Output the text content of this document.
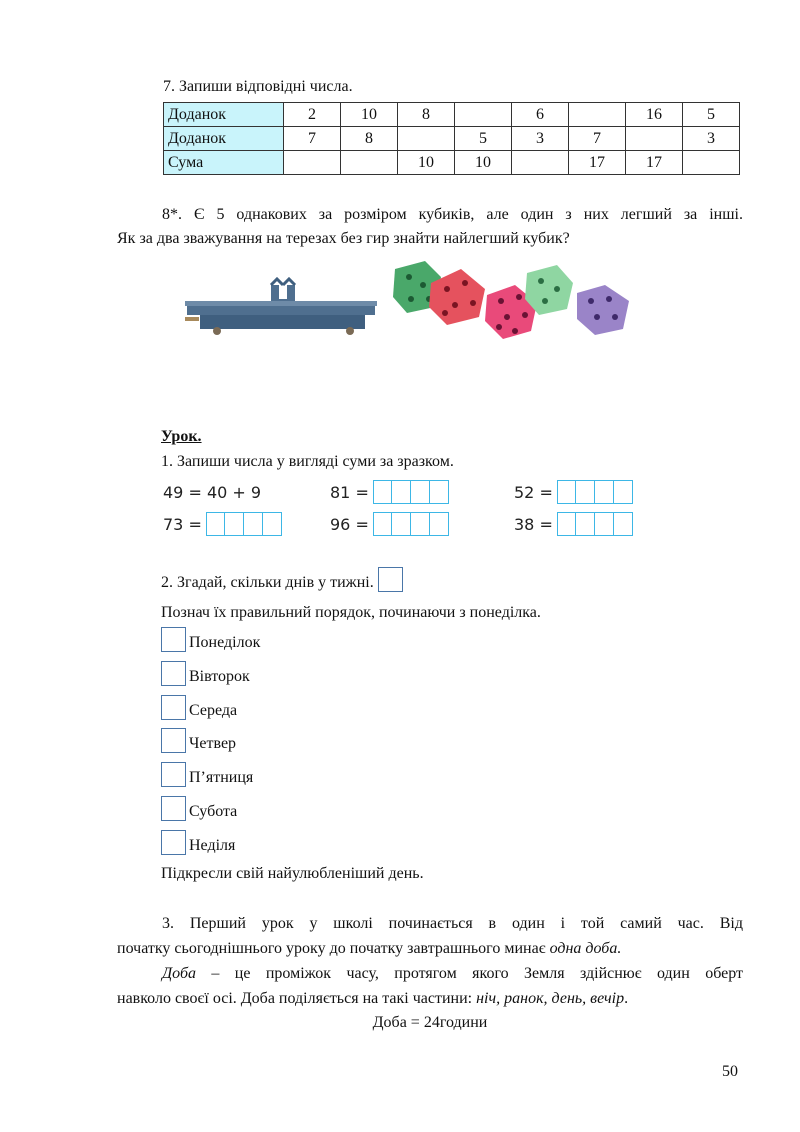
7. Запиши відповідні числа.
Доданок	2	10	8		6		16	5
Доданок	7	8		5	3	7		3
Сума			10	10		17	17	
8*. Є 5 однакових за розміром кубиків, але один з них легший за інші.
Як за два зважування на терезах без гир знайти найлегший кубик?
Урок.
1. Запиши числа у вигляді суми за зразком.
49 = 40 + 9	81 =	52 =
73 =	96 =	38 =
2. Згадай, скільки днів у тижні.
Познач їх правильний порядок, починаючи з понеділка.
Понеділок
Вівторок
Середа
Четвер
П’ятниця
Субота
Неділя
Підкресли свій найулюбленіший день.
3. Перший урок у школі починається в один і той самий час. Від
початку сьогоднішнього уроку до початку завтрашнього минає одна доба.
Доба – це проміжок часу, протягом якого Земля здійснює один оберт
навколо своєї осі. Доба поділяється на такі частини: ніч, ранок, день, вечір.
Доба = 24години
50
